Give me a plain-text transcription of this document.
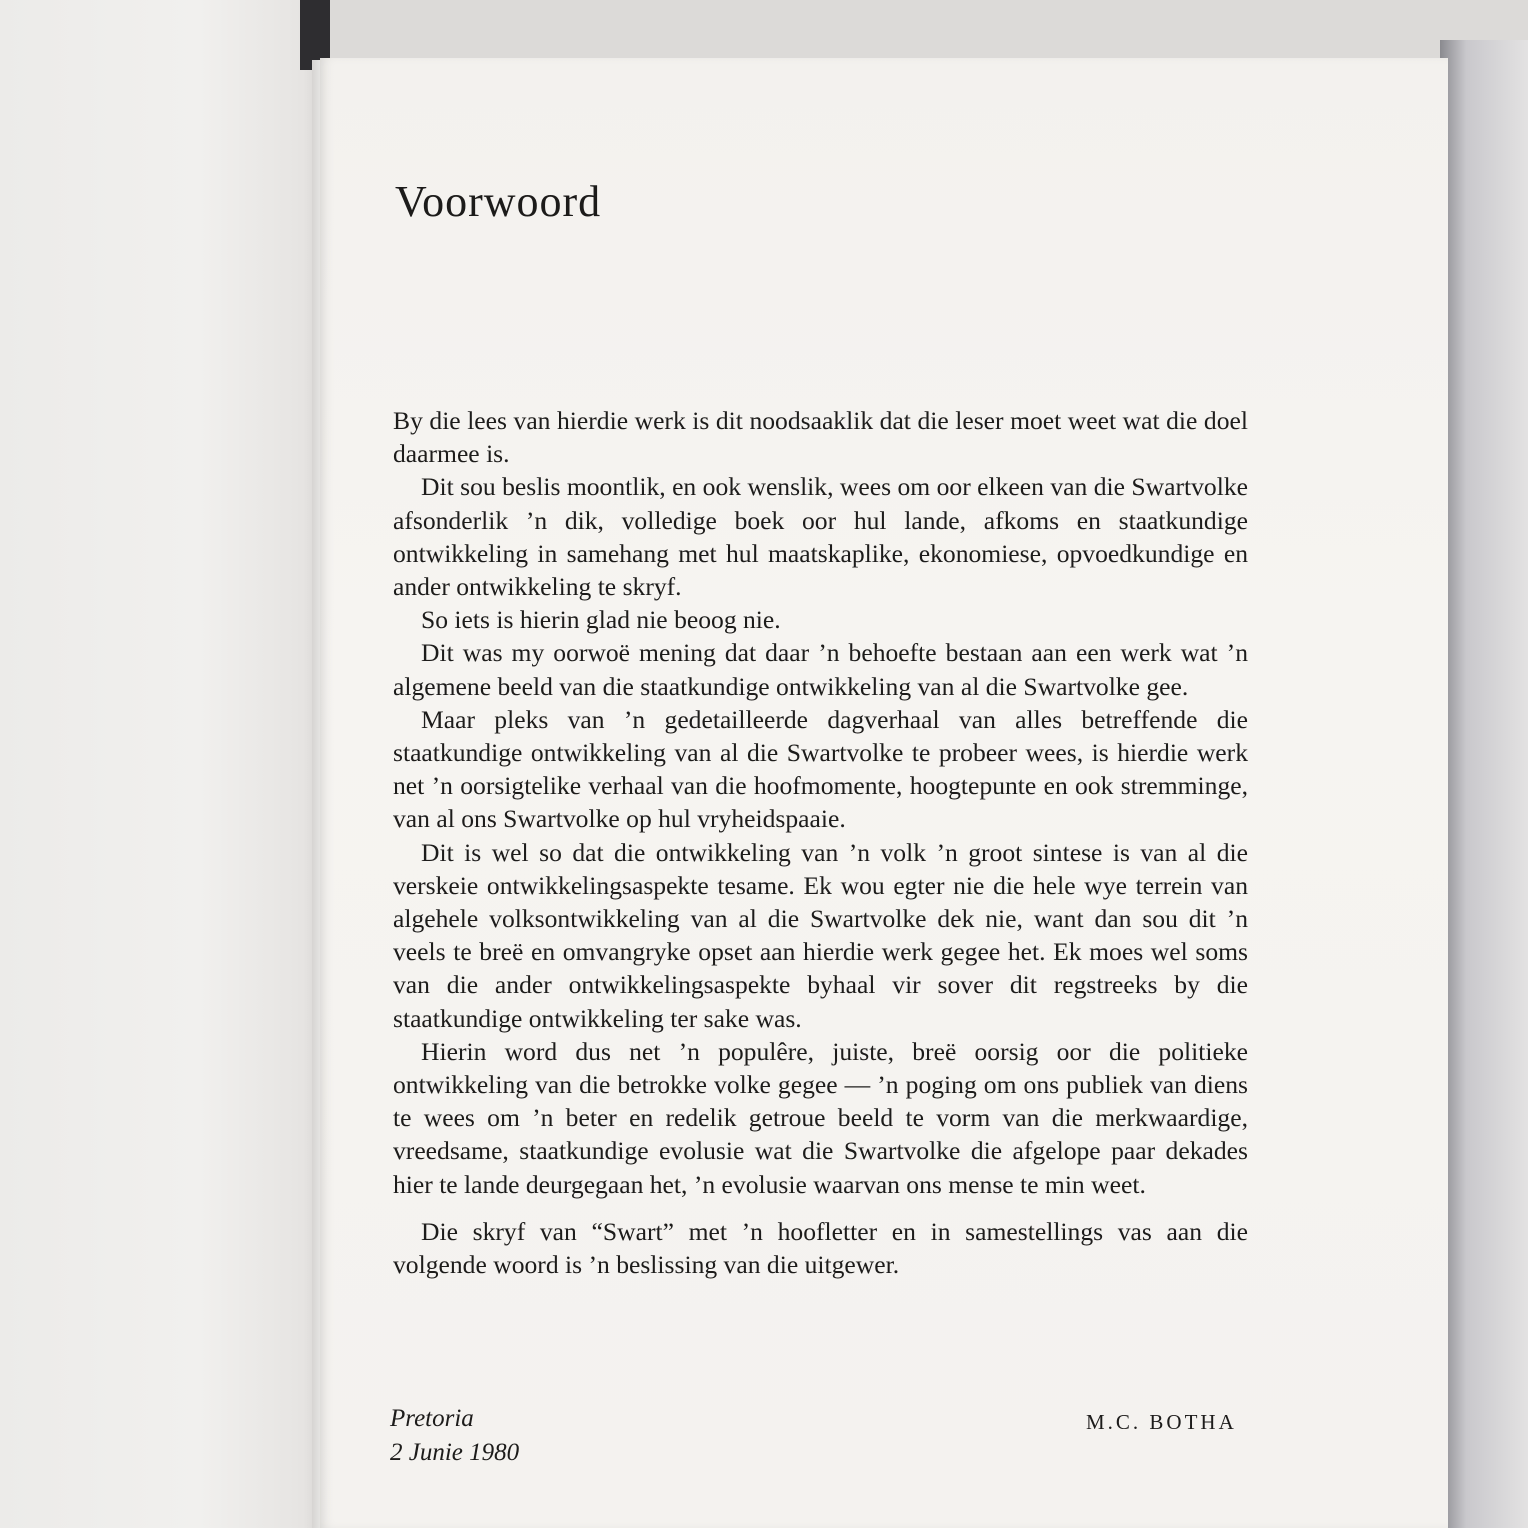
Voorwoord

By die lees van hierdie werk is dit noodsaaklik dat die leser moet weet wat die doel daarmee is.

Dit sou beslis moontlik, en ook wenslik, wees om oor elkeen van die Swartvolke afsonderlik ’n dik, volledige boek oor hul lande, afkoms en staatkundige ontwikkeling in samehang met hul maatskaplike, ekonomiese, opvoedkundige en ander ontwikkeling te skryf.

So iets is hierin glad nie beoog nie.

Dit was my oorwoë mening dat daar ’n behoefte bestaan aan een werk wat ’n algemene beeld van die staatkundige ontwikkeling van al die Swartvolke gee.

Maar pleks van ’n gedetailleerde dagverhaal van alles betreffende die staatkundige ontwikkeling van al die Swartvolke te probeer wees, is hierdie werk net ’n oorsigtelike verhaal van die hoofmomente, hoogtepunte en ook stremminge, van al ons Swartvolke op hul vryheidspaaie.

Dit is wel so dat die ontwikkeling van ’n volk ’n groot sintese is van al die verskeie ontwikkelingsaspekte tesame. Ek wou egter nie die hele wye terrein van algehele volksontwikkeling van al die Swartvolke dek nie, want dan sou dit ’n veels te breë en omvangryke opset aan hierdie werk gegee het. Ek moes wel soms van die ander ontwikkelingsaspekte byhaal vir sover dit regstreeks by die staatkundige ontwikkeling ter sake was.

Hierin word dus net ’n populêre, juiste, breë oorsig oor die politieke ontwikkeling van die betrokke volke gegee — ’n poging om ons publiek van diens te wees om ’n beter en redelik getroue beeld te vorm van die merkwaardige, vreedsame, staatkundige evolusie wat die Swartvolke die afgelope paar dekades hier te lande deurgegaan het, ’n evolusie waarvan ons mense te min weet.

Die skryf van “Swart” met ’n hoofletter en in samestellings vas aan die volgende woord is ’n beslissing van die uitgewer.

Pretoria
2 Junie 1980
M.C. BOTHA
